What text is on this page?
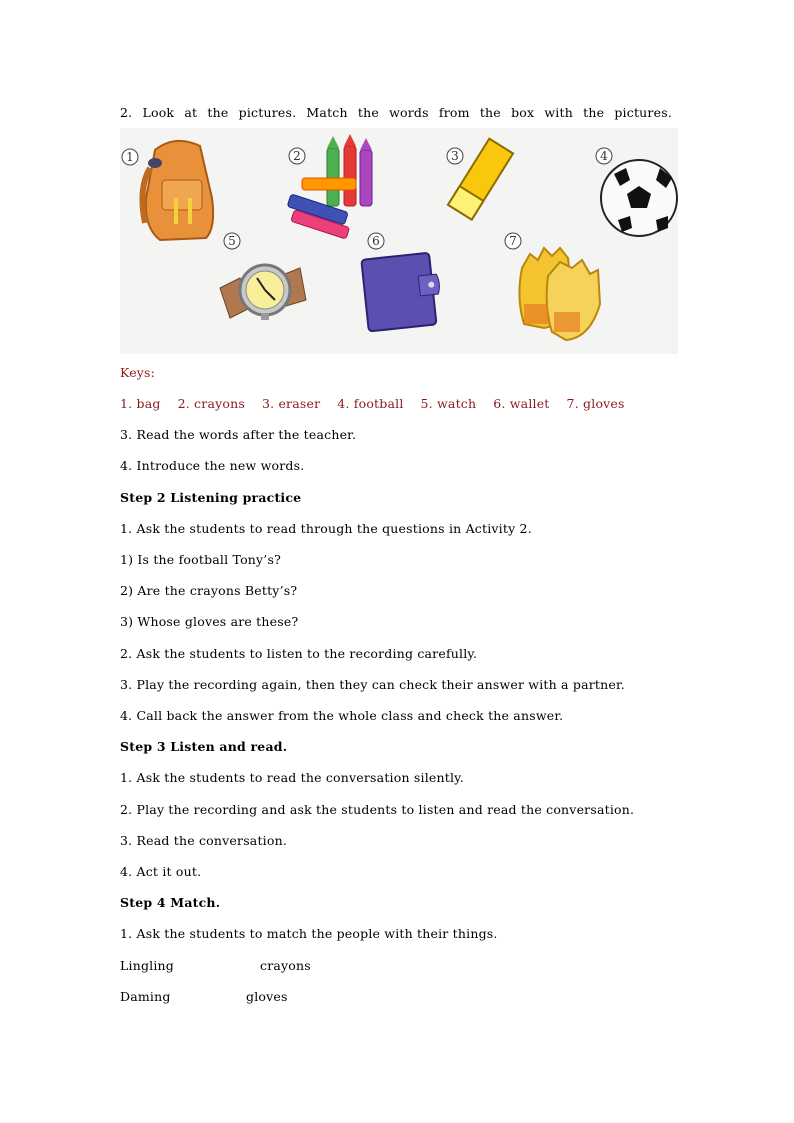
2. Look at the pictures. Match the words from the box with the pictures.
1	2	3	4
5	6	7
Keys:
1. bag 2. crayons 3. eraser 4. football 5. watch 6. wallet 7. gloves
3. Read the words after the teacher.
4. Introduce the new words.
Step 2 Listening practice
1. Ask the students to read through the questions in Activity 2.
1) Is the football Tony’s?
2) Are the crayons Betty’s?
3) Whose gloves are these?
2. Ask the students to listen to the recording carefully.
3. Play the recording again, then they can check their answer with a partner.
4. Call back the answer from the whole class and check the answer.
Step 3 Listen and read.
1. Ask the students to read the conversation silently.
2. Play the recording and ask the students to listen and read the conversation.
3. Read the conversation.
4. Act it out.
Step 4 Match.
1. Ask the students to match the people with their things.
Lingling	crayons
Daming	gloves
